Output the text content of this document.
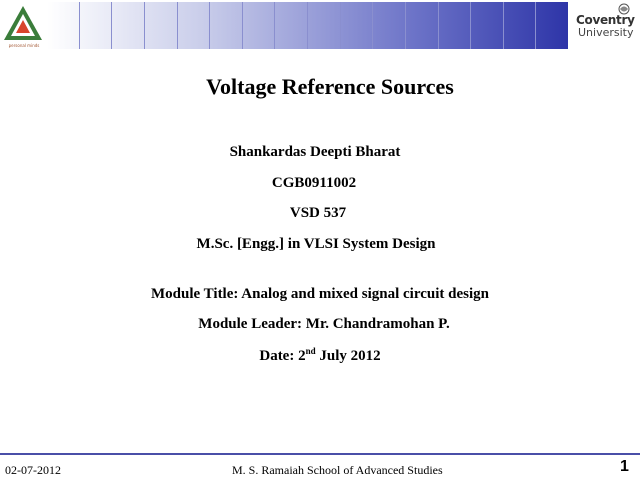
personal minds
Coventry
University
Voltage Reference Sources
Shankardas Deepti Bharat
CGB0911002
VSD 537
M.Sc. [Engg.] in VLSI System Design
Module Title: Analog and mixed signal circuit design
Module Leader: Mr. Chandramohan P.
Date: 2nd July 2012
02-07-2012	M. S. Ramaiah School of Advanced Studies	1
